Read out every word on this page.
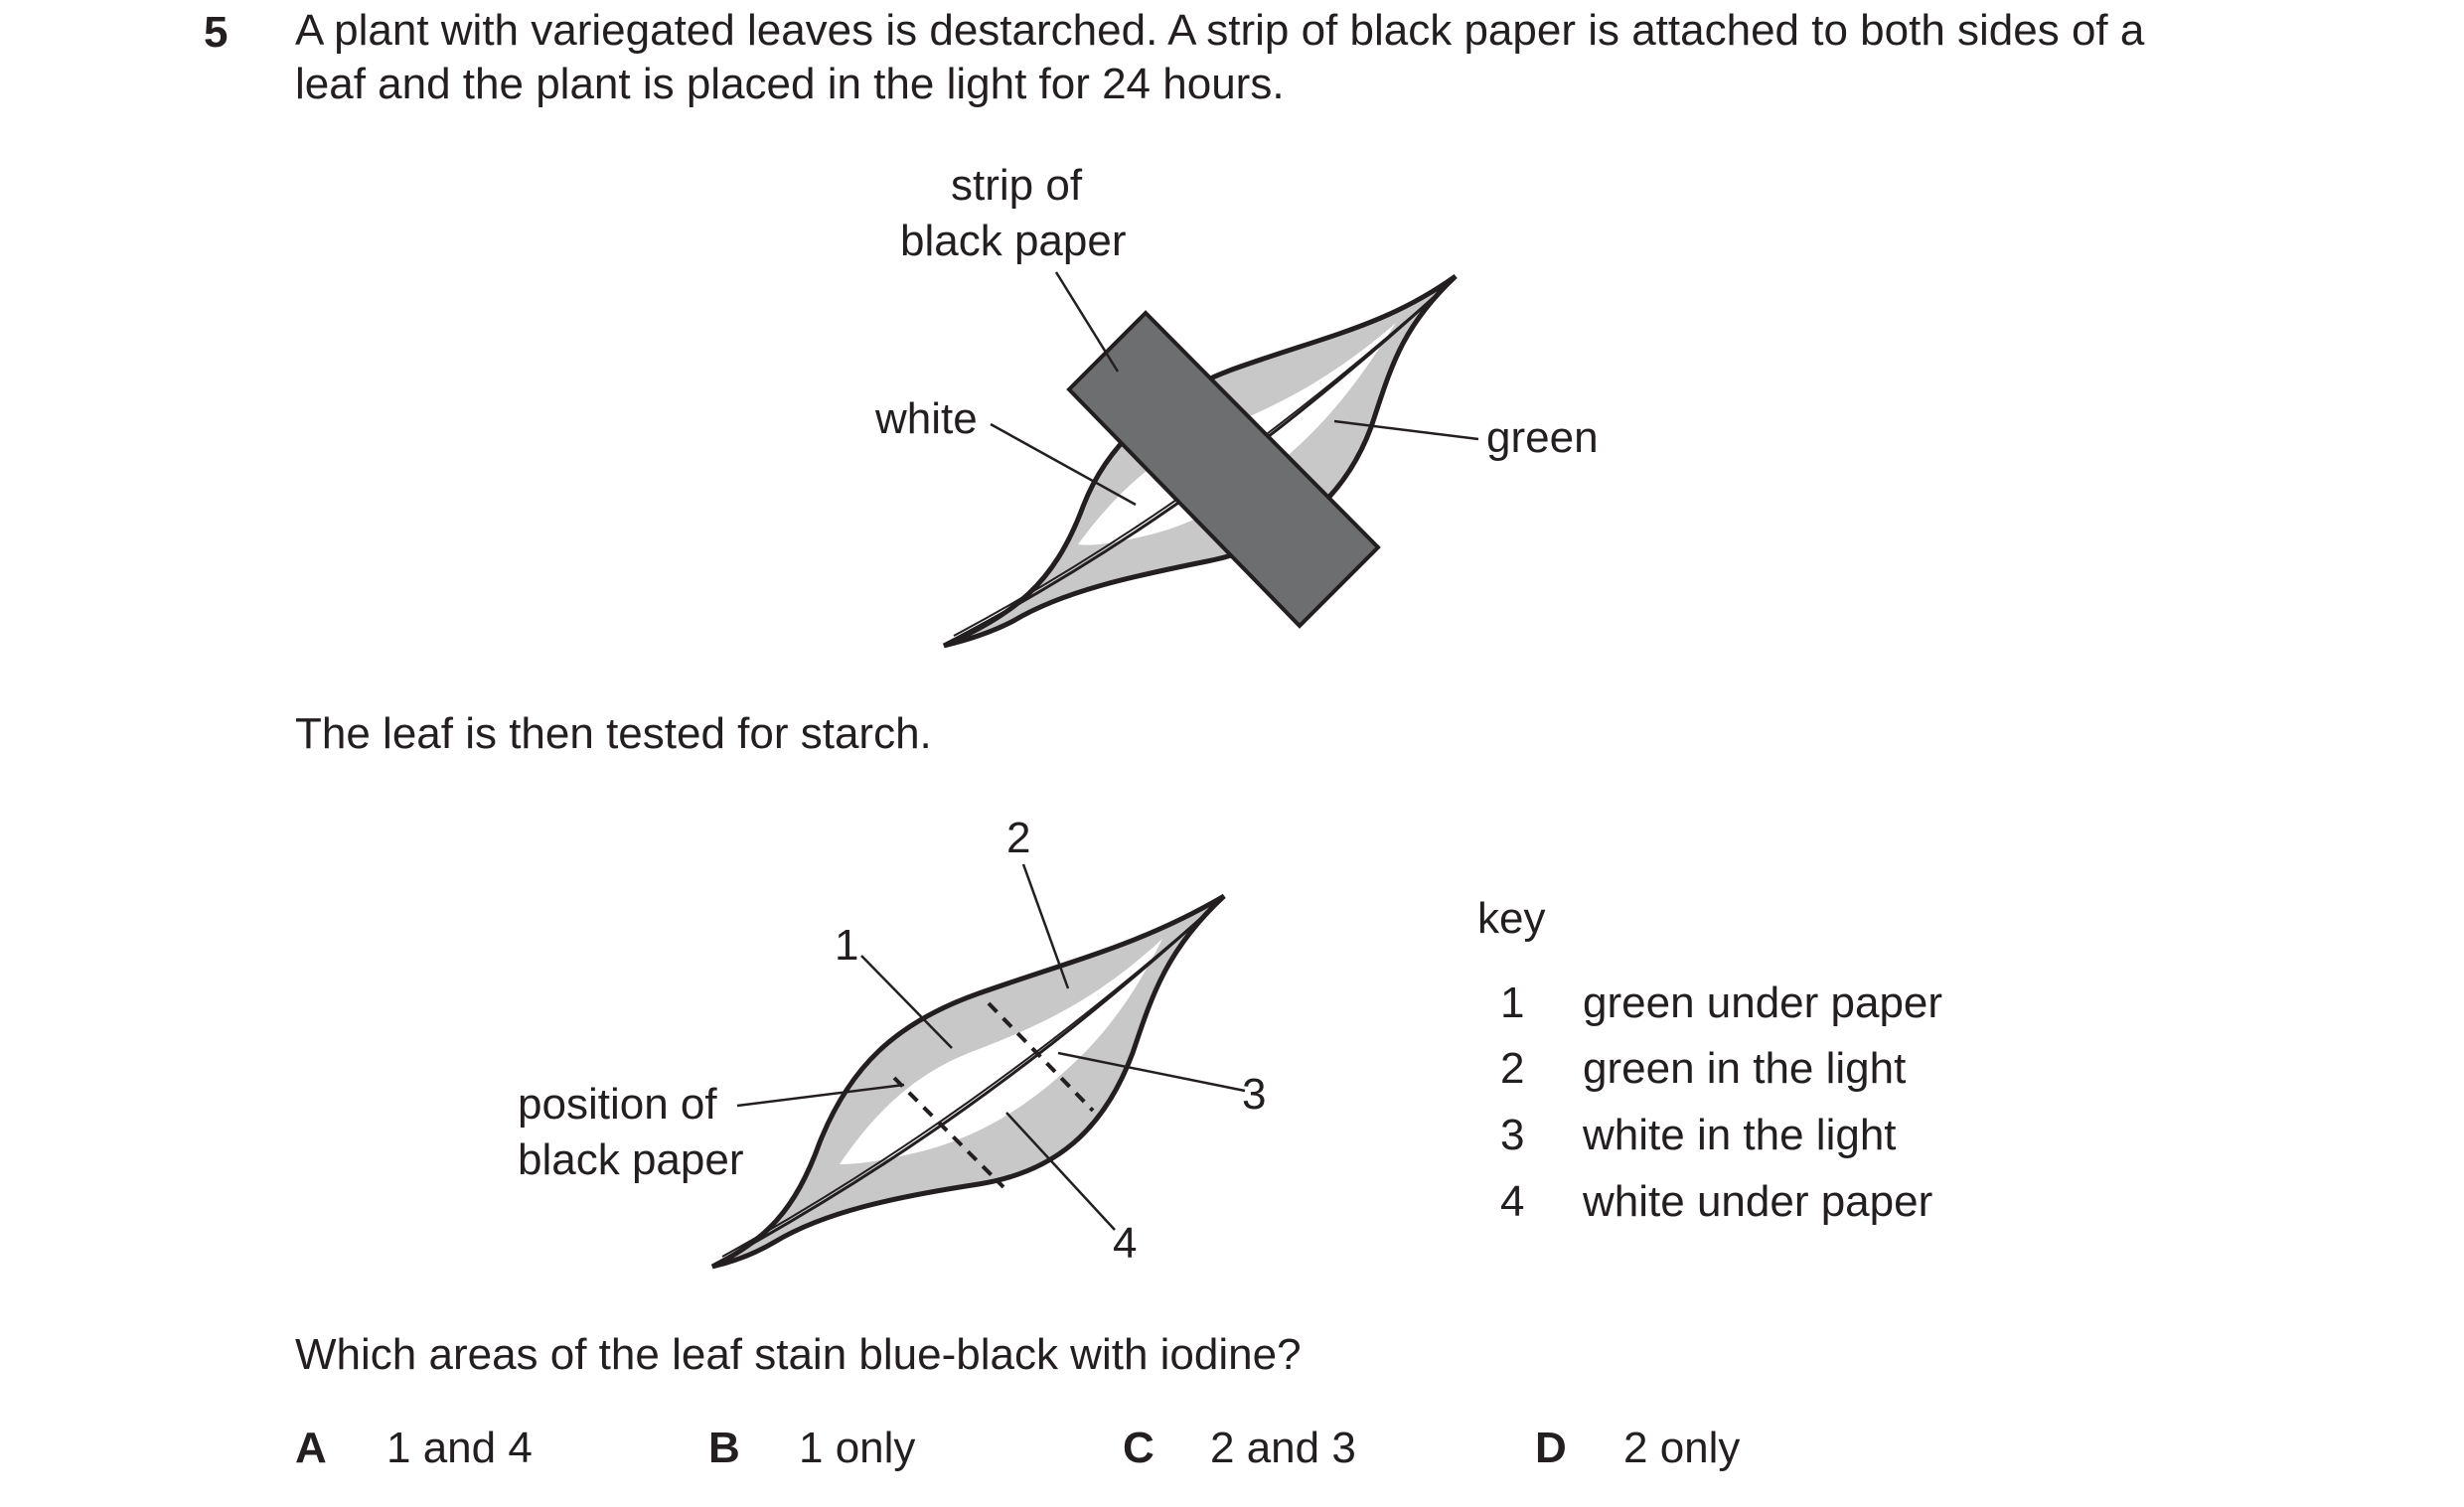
5 A plant with variegated leaves is destarched. A strip of black paper is attached to both sides of a
leaf and the plant is placed in the light for 24 hours.
strip of
black paper
white	green
The leaf is then tested for starch.
2
1
3
4
position of
black paper
key
1 green under paper
2 green in the light
3 white in the light
4 white under paper
Which areas of the leaf stain blue-black with iodine?
A 1 and 4	B 1 only	C 2 and 3	D 2 only
